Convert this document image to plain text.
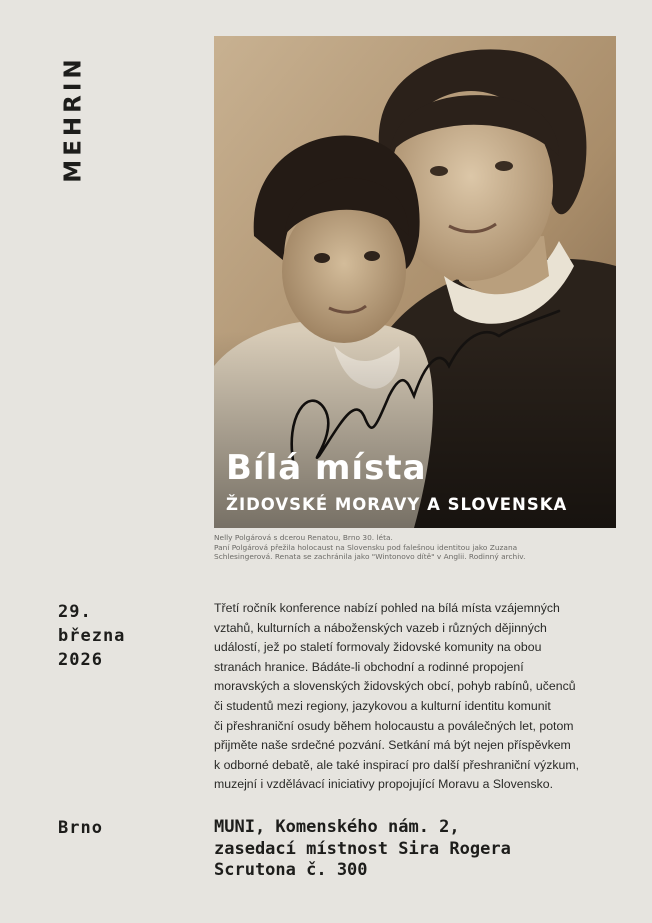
MEHRIN
Bílá místa
ŽIDOVSKÉ MORAVY A SLOVENSKA
Nelly Polgárová s dcerou Renatou, Brno 30. léta.
Paní Polgárová přežila holocaust na Slovensku pod falešnou identitou jako Zuzana
Schlesingerová. Renata se zachránila jako "Wintonovo dítě" v Anglii. Rodinný archiv.
29.
března
2026
Třetí ročník konference nabízí pohled na bílá místa vzájemných
vztahů, kulturních a náboženských vazeb i různých dějinných
událostí, jež po staletí formovaly židovské komunity na obou
stranách hranice. Bádáte-li obchodní a rodinné propojení
moravských a slovenských židovských obcí, pohyb rabínů, učenců
či studentů mezi regiony, jazykovou a kulturní identitu komunit
či přeshraniční osudy během holocaustu a poválečných let, potom
přijměte naše srdečné pozvání. Setkání má být nejen příspěvkem
k odborné debatě, ale také inspirací pro další přeshraniční výzkum,
muzejní i vzdělávací iniciativy propojující Moravu a Slovensko.
Brno	MUNI, Komenského nám. 2,
zasedací místnost Sira Rogera
Scrutona č. 300
